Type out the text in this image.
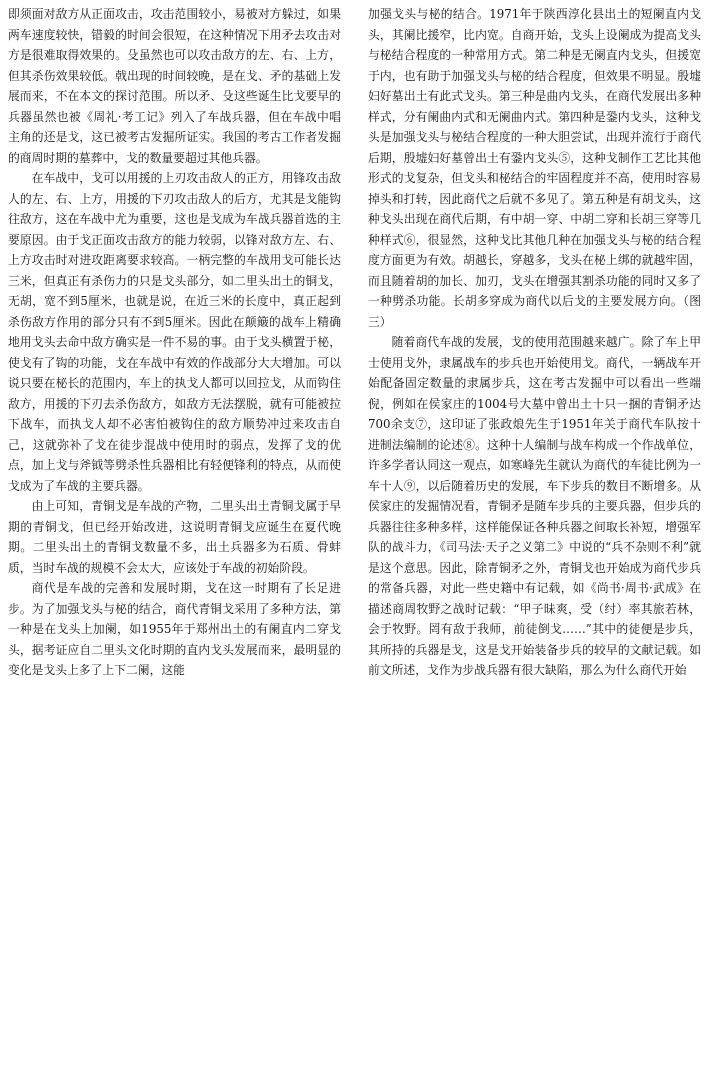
即须面对敌方从正面攻击，攻击范围较小，易被对方躲过，如果两车速度较快，错毅的时间会很短，在这种情况下用矛去攻击对方是很难取得效果的。殳虽然也可以攻击敌方的左、右、上方，但其杀伤效果较低。戟出现的时间较晚，是在戈、矛的基础上发展而来，不在本文的探讨范围。所以矛、殳这些诞生比戈要早的兵器虽然也被《周礼·考工记》列入了车战兵器，但在车战中唱主角的还是戈，这已被考古发掘所证实。我国的考古工作者发掘的商周时期的墓葬中，戈的数量要超过其他兵器。

在车战中，戈可以用援的上刃攻击敌人的正方，用锋攻击敌人的左、右、上方，用援的下刃攻击敌人的后方，尤其是戈能钩往敌方，这在车战中尤为重要，这也是戈成为车战兵器首选的主要原因。由于戈正面攻击敌方的能力较弱，以锋对敌方左、右、上方攻击时对进攻距离要求较高。一柄完整的车战用戈可能长达三米，但真正有杀伤力的只是戈头部分，如二里头出土的铜戈，无胡，宽不到5厘米，也就是说，在近三米的长度中，真正起到杀伤敌方作用的部分只有不到5厘米。因此在颠簸的战车上精确地用戈头去命中敌方确实是一件不易的事。由于戈头横置于柲，使戈有了钩的功能，戈在车战中有效的作战部分大大增加。可以说只要在柲长的范围内，车上的执戈人都可以回拉戈，从而钩住敌方，用援的下刃去杀伤敌方，如敌方无法摆脱，就有可能被拉下战车，而执戈人却不必害怕被钩住的敌方顺势冲过来攻击自己，这就弥补了戈在徒步混战中使用时的弱点，发挥了戈的优点，加上戈与斧钺等劈杀性兵器相比有轻便锋利的特点，从而使戈成为了车战的主要兵器。

由上可知，青铜戈是车战的产物，二里头出土青铜戈属于早期的青铜戈，但已经开始改进，这说明青铜戈应诞生在夏代晚期。二里头出土的青铜戈数量不多，出土兵器多为石质、骨蚌质，当时车战的规模不会太大，应该处于车战的初始阶段。

商代是车战的完善和发展时期，戈在这一时期有了长足进步。为了加强戈头与柲的结合，商代青铜戈采用了多种方法，第一种是在戈头上加阑，如1955年于郑州出土的有阑直内二穿戈头，据考证应自二里头文化时期的直内戈头发展而来，最明显的变化是戈头上多了上下二阑，这能

加强戈头与柲的结合。1971年于陕西淳化县出土的短阑直内戈头，其阑比援窄，比内宽。自商开始，戈头上设阑成为提高戈头与柲结合程度的一种常用方式。第二种是无阑直内戈头，但援宽于内，也有助于加强戈头与柲的结合程度，但效果不明显。殷墟妇好墓出土有此式戈头。第三种是曲内戈头，在商代发展出多种样式，分有阑曲内式和无阑曲内式。第四种是銎内戈头，这种戈头是加强戈头与柲结合程度的一种大胆尝试，出现并流行于商代后期，殷墟妇好墓曾出土有銎内戈头⑤，这种戈制作工艺比其他形式的戈复杂，但戈头和柲结合的牢固程度并不高，使用时容易掉头和打转，因此商代之后就不多见了。第五种是有胡戈头，这种戈头出现在商代后期，有中胡一穿、中胡二穿和长胡三穿等几种样式⑥，很显然，这种戈比其他几种在加强戈头与柲的结合程度方面更为有效。胡越长，穿越多，戈头在柲上绑的就越牢固，而且随着胡的加长、加刃，戈头在增强其割杀功能的同时又多了一种劈杀功能。长胡多穿成为商代以后戈的主要发展方向。（图三）

随着商代车战的发展，戈的使用范围越来越广。除了车上甲士使用戈外，隶属战车的步兵也开始使用戈。商代，一辆战车开始配备固定数量的隶属步兵，这在考古发掘中可以看出一些端倪，例如在侯家庄的1004号大墓中曾出土十只一捆的青铜矛达700余支⑦，这印证了张政烺先生于1951年关于商代车队按十进制法编制的论述⑧。这种十人编制与战车构成一个作战单位，许多学者认同这一观点，如寒峰先生就认为商代的车徒比例为一车十人⑨，以后随着历史的发展，车下步兵的数目不断增多。从侯家庄的发掘情况看，青铜矛是随车步兵的主要兵器，但步兵的兵器往往多种多样，这样能保证各种兵器之间取长补短，增强军队的战斗力，《司马法·天子之义第二》中说的“兵不杂则不利”就是这个意思。因此，除青铜矛之外，青铜戈也开始成为商代步兵的常备兵器，对此一些史籍中有记载，如《尚书·周书·武成》在描述商周牧野之战时记载：“甲子昧爽，受（纣）率其旅若林，会于牧野。罔有敌于我师，前徒倒戈……”其中的徒便是步兵，其所持的兵器是戈，这是戈开始装备步兵的较早的文献记载。如前文所述，戈作为步战兵器有很大缺陷，那么为什么商代开始
